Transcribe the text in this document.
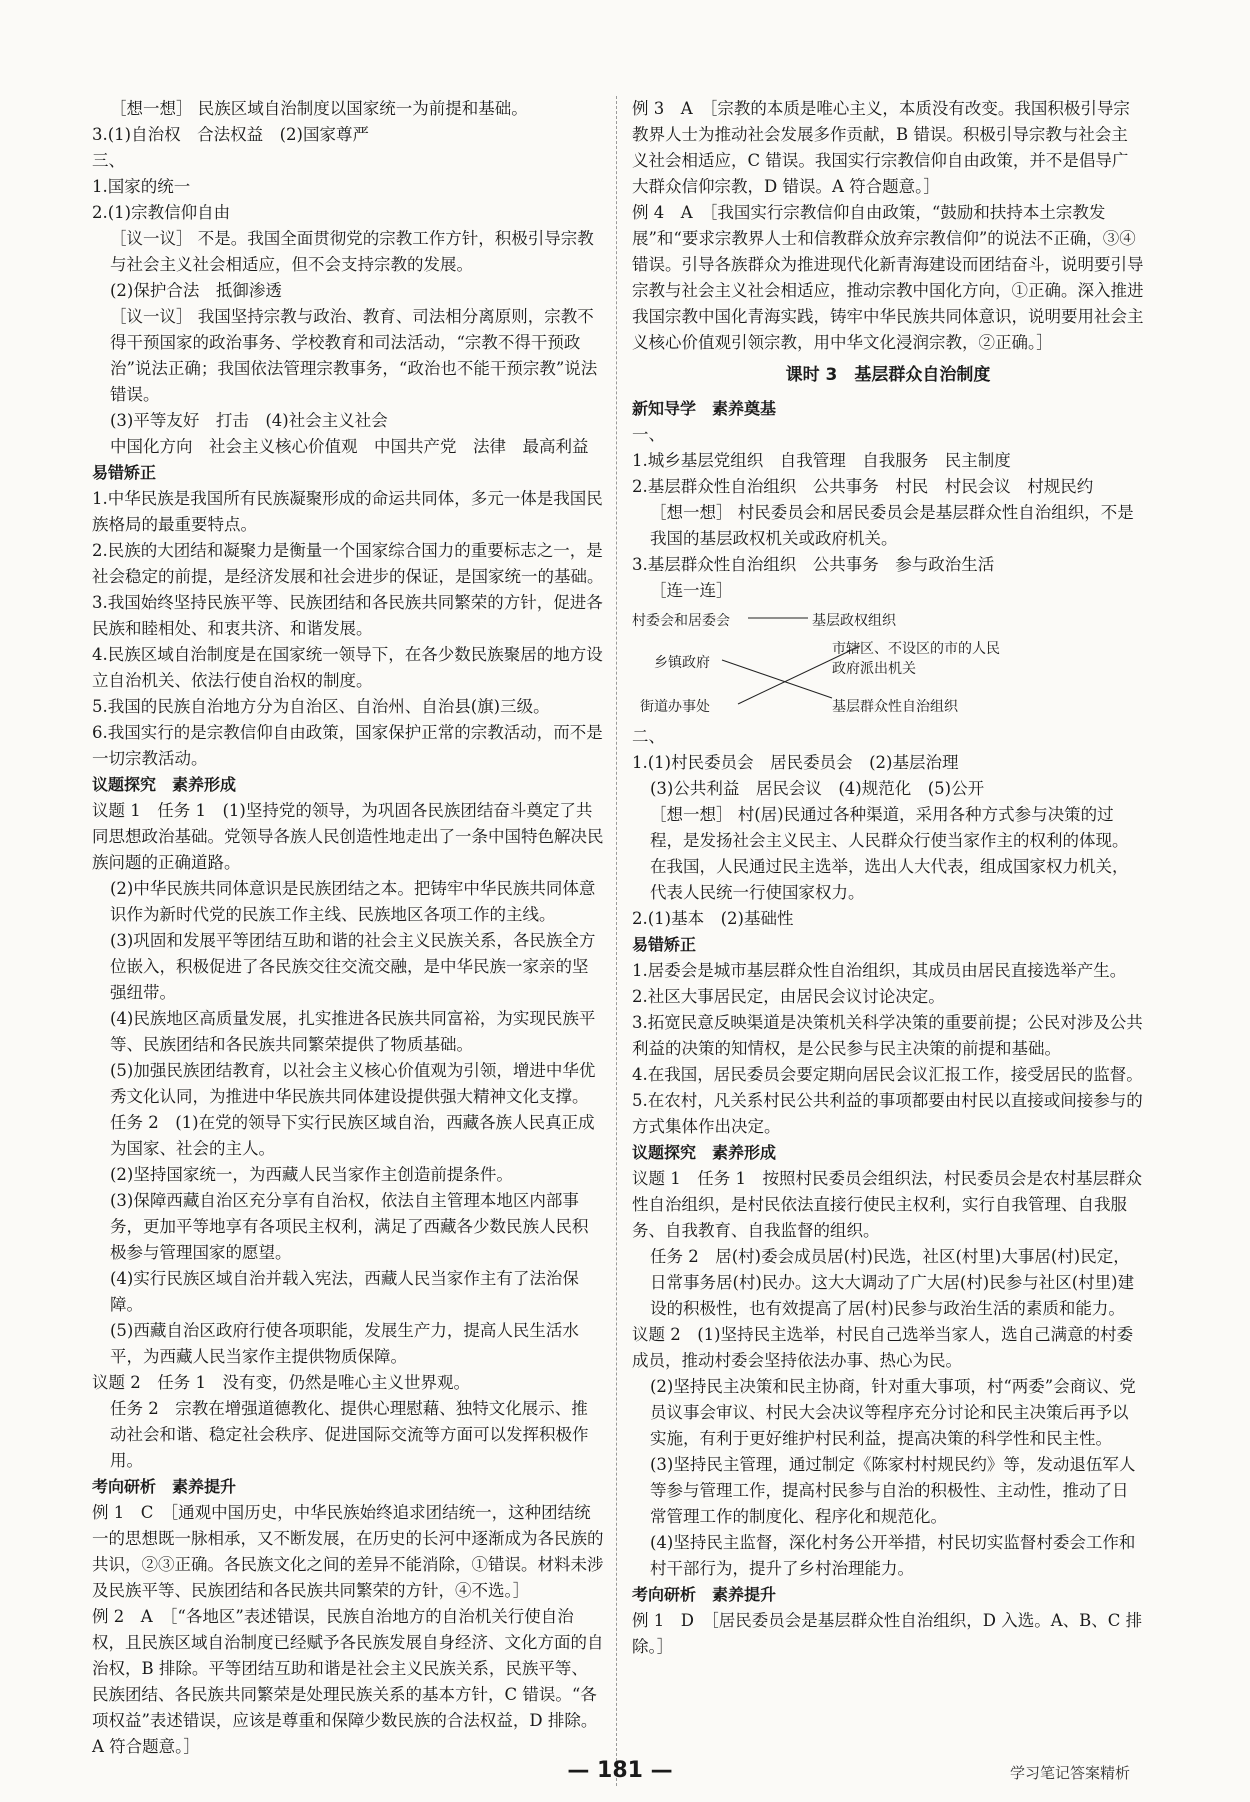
［想一想］ 民族区域自治制度以国家统一为前提和基础。
3.(1)自治权　合法权益　(2)国家尊严
三、
1.国家的统一
2.(1)宗教信仰自由
［议一议］ 不是。我国全面贯彻党的宗教工作方针，积极引导宗教与社会主义社会相适应，但不会支持宗教的发展。
(2)保护合法　抵御渗透
［议一议］ 我国坚持宗教与政治、教育、司法相分离原则，宗教不得干预国家的政治事务、学校教育和司法活动，“宗教不得干预政治”说法正确；我国依法管理宗教事务，“政治也不能干预宗教”说法错误。
(3)平等友好　打击　(4)社会主义社会
中国化方向　社会主义核心价值观　中国共产党　法律　最高利益
易错矫正
1.中华民族是我国所有民族凝聚形成的命运共同体，多元一体是我国民族格局的最重要特点。
2.民族的大团结和凝聚力是衡量一个国家综合国力的重要标志之一，是社会稳定的前提，是经济发展和社会进步的保证，是国家统一的基础。
3.我国始终坚持民族平等、民族团结和各民族共同繁荣的方针，促进各民族和睦相处、和衷共济、和谐发展。
4.民族区域自治制度是在国家统一领导下，在各少数民族聚居的地方设立自治机关、依法行使自治权的制度。
5.我国的民族自治地方分为自治区、自治州、自治县(旗)三级。
6.我国实行的是宗教信仰自由政策，国家保护正常的宗教活动，而不是一切宗教活动。
议题探究　素养形成
议题 1　任务 1　(1)坚持党的领导，为巩固各民族团结奋斗奠定了共同思想政治基础。党领导各族人民创造性地走出了一条中国特色解决民族问题的正确道路。
(2)中华民族共同体意识是民族团结之本。把铸牢中华民族共同体意识作为新时代党的民族工作主线、民族地区各项工作的主线。
(3)巩固和发展平等团结互助和谐的社会主义民族关系，各民族全方位嵌入，积极促进了各民族交往交流交融，是中华民族一家亲的坚强纽带。
(4)民族地区高质量发展，扎实推进各民族共同富裕，为实现民族平等、民族团结和各民族共同繁荣提供了物质基础。
(5)加强民族团结教育，以社会主义核心价值观为引领，增进中华优秀文化认同，为推进中华民族共同体建设提供强大精神文化支撑。
任务 2　(1)在党的领导下实行民族区域自治，西藏各族人民真正成为国家、社会的主人。
(2)坚持国家统一，为西藏人民当家作主创造前提条件。
(3)保障西藏自治区充分享有自治权，依法自主管理本地区内部事务，更加平等地享有各项民主权利，满足了西藏各少数民族人民积极参与管理国家的愿望。
(4)实行民族区域自治并载入宪法，西藏人民当家作主有了法治保障。
(5)西藏自治区政府行使各项职能，发展生产力，提高人民生活水平，为西藏人民当家作主提供物质保障。
议题 2　任务 1　没有变，仍然是唯心主义世界观。
任务 2　宗教在增强道德教化、提供心理慰藉、独特文化展示、推动社会和谐、稳定社会秩序、促进国际交流等方面可以发挥积极作用。
考向研析　素养提升
例 1　C　［通观中国历史，中华民族始终追求团结统一，这种团结统一的思想既一脉相承，又不断发展，在历史的长河中逐渐成为各民族的共识，②③正确。各民族文化之间的差异不能消除，①错误。材料未涉及民族平等、民族团结和各民族共同繁荣的方针，④不选。］
例 2　A　［“各地区”表述错误，民族自治地方的自治机关行使自治权，且民族区域自治制度已经赋予各民族发展自身经济、文化方面的自治权，B 排除。平等团结互助和谐是社会主义民族关系，民族平等、民族团结、各民族共同繁荣是处理民族关系的基本方针，C 错误。“各项权益”表述错误，应该是尊重和保障少数民族的合法权益，D 排除。A 符合题意。］
例 3　A　［宗教的本质是唯心主义，本质没有改变。我国积极引导宗教界人士为推动社会发展多作贡献，B 错误。积极引导宗教与社会主义社会相适应，C 错误。我国实行宗教信仰自由政策，并不是倡导广大群众信仰宗教，D 错误。A 符合题意。］
例 4　A　［我国实行宗教信仰自由政策，“鼓励和扶持本土宗教发展”和“要求宗教界人士和信教群众放弃宗教信仰”的说法不正确，③④错误。引导各族群众为推进现代化新青海建设而团结奋斗，说明要引导宗教与社会主义社会相适应，推动宗教中国化方向，①正确。深入推进我国宗教中国化青海实践，铸牢中华民族共同体意识，说明要用社会主义核心价值观引领宗教，用中华文化浸润宗教，②正确。］
课时 3　基层群众自治制度
新知导学　素养奠基
一、
1.城乡基层党组织　自我管理　自我服务　民主制度
2.基层群众性自治组织　公共事务　村民　村民会议　村规民约
［想一想］ 村民委员会和居民委员会是基层群众性自治组织，不是我国的基层政权机关或政府机关。
3.基层群众性自治组织　公共事务　参与政治生活
［连一连］
村委会和居委会
乡镇政府
街道办事处
基层政权组织
市辖区、不设区的市的人民
政府派出机关
基层群众性自治组织
二、
1.(1)村民委员会　居民委员会　(2)基层治理
(3)公共利益　居民会议　(4)规范化　(5)公开
［想一想］ 村(居)民通过各种渠道，采用各种方式参与决策的过程，是发扬社会主义民主、人民群众行使当家作主的权利的体现。在我国，人民通过民主选举，选出人大代表，组成国家权力机关，代表人民统一行使国家权力。
2.(1)基本　(2)基础性
易错矫正
1.居委会是城市基层群众性自治组织，其成员由居民直接选举产生。
2.社区大事居民定，由居民会议讨论决定。
3.拓宽民意反映渠道是决策机关科学决策的重要前提；公民对涉及公共利益的决策的知情权，是公民参与民主决策的前提和基础。
4.在我国，居民委员会要定期向居民会议汇报工作，接受居民的监督。
5.在农村，凡关系村民公共利益的事项都要由村民以直接或间接参与的方式集体作出决定。
议题探究　素养形成
议题 1　任务 1　按照村民委员会组织法，村民委员会是农村基层群众性自治组织，是村民依法直接行使民主权利，实行自我管理、自我服务、自我教育、自我监督的组织。
任务 2　居(村)委会成员居(村)民选，社区(村里)大事居(村)民定，日常事务居(村)民办。这大大调动了广大居(村)民参与社区(村里)建设的积极性，也有效提高了居(村)民参与政治生活的素质和能力。
议题 2　(1)坚持民主选举，村民自己选举当家人，选自己满意的村委成员，推动村委会坚持依法办事、热心为民。
(2)坚持民主决策和民主协商，针对重大事项，村“两委”会商议、党员议事会审议、村民大会决议等程序充分讨论和民主决策后再予以实施，有利于更好维护村民利益，提高决策的科学性和民主性。
(3)坚持民主管理，通过制定《陈家村村规民约》等，发动退伍军人等参与管理工作，提高村民参与自治的积极性、主动性，推动了日常管理工作的制度化、程序化和规范化。
(4)坚持民主监督，深化村务公开举措，村民切实监督村委会工作和村干部行为，提升了乡村治理能力。
考向研析　素养提升
例 1　D　［居民委员会是基层群众性自治组织，D 入选。A、B、C 排除。］
— 181 —	学习笔记答案精析
